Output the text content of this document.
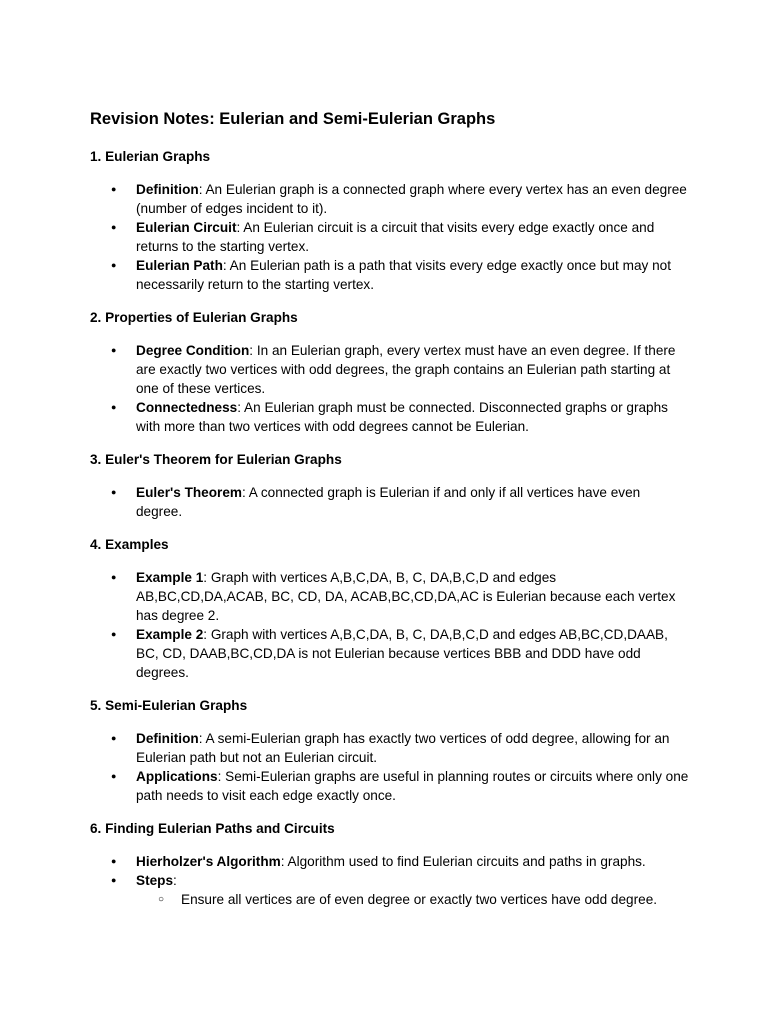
Revision Notes: Eulerian and Semi-Eulerian Graphs
1. Eulerian Graphs
● Definition: An Eulerian graph is a connected graph where every vertex has an even degree (number of edges incident to it).
● Eulerian Circuit: An Eulerian circuit is a circuit that visits every edge exactly once and returns to the starting vertex.
● Eulerian Path: An Eulerian path is a path that visits every edge exactly once but may not necessarily return to the starting vertex.
2. Properties of Eulerian Graphs
● Degree Condition: In an Eulerian graph, every vertex must have an even degree. If there are exactly two vertices with odd degrees, the graph contains an Eulerian path starting at one of these vertices.
● Connectedness: An Eulerian graph must be connected. Disconnected graphs or graphs with more than two vertices with odd degrees cannot be Eulerian.
3. Euler's Theorem for Eulerian Graphs
● Euler's Theorem: A connected graph is Eulerian if and only if all vertices have even degree.
4. Examples
● Example 1: Graph with vertices A,B,C,DA, B, C, DA,B,C,D and edges AB,BC,CD,DA,ACAB, BC, CD, DA, ACAB,BC,CD,DA,AC is Eulerian because each vertex has degree 2.
● Example 2: Graph with vertices A,B,C,DA, B, C, DA,B,C,D and edges AB,BC,CD,DAAB, BC, CD, DAAB,BC,CD,DA is not Eulerian because vertices BBB and DDD have odd degrees.
5. Semi-Eulerian Graphs
● Definition: A semi-Eulerian graph has exactly two vertices of odd degree, allowing for an Eulerian path but not an Eulerian circuit.
● Applications: Semi-Eulerian graphs are useful in planning routes or circuits where only one path needs to visit each edge exactly once.
6. Finding Eulerian Paths and Circuits
● Hierholzer's Algorithm: Algorithm used to find Eulerian circuits and paths in graphs.
● Steps:
○ Ensure all vertices are of even degree or exactly two vertices have odd degree.
